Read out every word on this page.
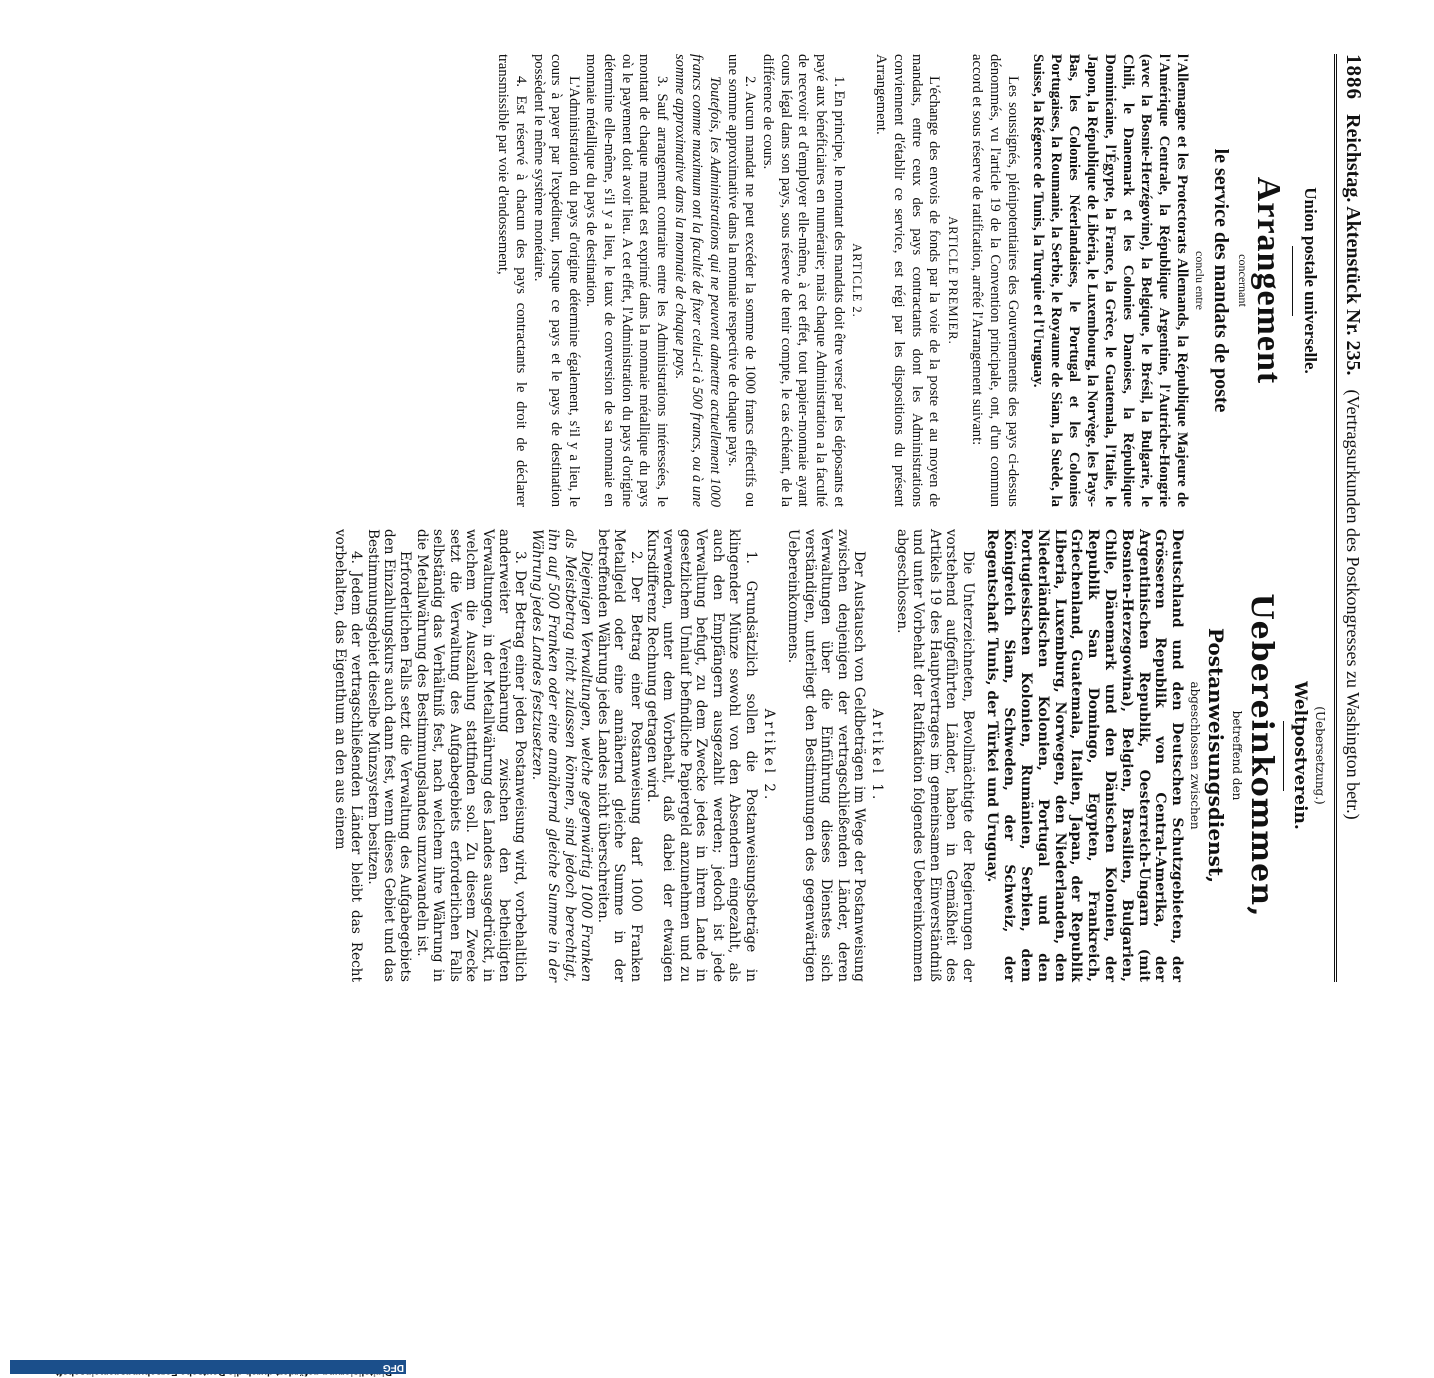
1886
Reichstag. Aktenstück Nr. 235.
(Vertragsurkunden des Postkongresses zu Washington betr.)
Union postale universelle.
Arrangement
concernant
le service des mandats de poste
conclu entre
l'Allemagne et les Protectorats Allemands, la République Majeure de l'Amérique Centrale, la République Argentine, l'Autriche-Hongrie (avec la Bosnie-Herzégovine), la Belgique, le Brésil, la Bulgarie, le Chili, le Danemark et les Colonies Danoises, la République Dominicaine, l'Égypte, la France, la Grèce, le Guatemala, l'Italie, le Japon, la République de Libéria, le Luxembourg, la Norvège, les Pays-Bas, les Colonies Néerlandaises, le Portugal et les Colonies Portugaises, la Roumanie, la Serbie, le Royaume de Siam, la Suède, la Suisse, la Régence de Tunis, la Turquie et l'Uruguay.
Les soussignés, plénipotentiaires des Gouvernements des pays ci-dessus dénommés, vu l'article 19 de la Convention principale, ont, d'un commun accord et sous réserve de ratification, arrêté l'Arrangement suivant:
ARTICLE PREMIER.

L'échange des envois de fonds par la voie de la poste et au moyen de mandats, entre ceux des pays contractants dont les Administrations conviennent d'établir ce service, est régi par les dispositions du présent Arrangement.

ARTICLE 2.

1. En principe, le montant des mandats doit être versé par les déposants et payé aux bénéficiaires en numéraire; mais chaque Administration a la faculté de recevoir et d'employer elle-même, à cet effet, tout papier-monnaie ayant cours légal dans son pays, sous réserve de tenir compte, le cas échéant, de la différence de cours.

2. Aucun mandat ne peut excéder la somme de 1000 francs effectifs ou une somme approximative dans la monnaie respective de chaque pays.

Toutefois, les Administrations qui ne peuvent admettre actuellement 1000 francs comme maximum ont la faculté de fixer celui-ci à 500 francs, ou à une somme approximative dans la monnaie de chaque pays.

3. Sauf arrangement contraire entre les Administrations intéressées, le montant de chaque mandat est exprimé dans la monnaie métallique du pays où le payement doit avoir lieu. A cet effet, l'Administration du pays d'origine détermine elle-même, s'il y a lieu, le taux de conversion de sa monnaie en monnaie métallique du pays de destination.

L'Administration du pays d'origine détermine également, s'il y a lieu, le cours à payer par l'expéditeur, lorsque ce pays et le pays de destination possèdent le même système monétaire.

4. Est réservé à chacun des pays contractants le droit de déclarer transmissible par voie d'endossement,

(Uebersetzung.)
Weltpostverein.
Uebereinkommen,
betreffend den
Postanweisungsdienst,
abgeschlossen zwischen
Deutschland und den Deutschen Schutzgebieten, der Grösseren Republik von Central-Amerika, der Argentinischen Republik, Oesterreich-Ungarn (mit Bosnien-Herzegowina), Belgien, Brasilien, Bulgarien, Chile, Dänemark und den Dänischen Kolonien, der Republik San Domingo, Egypten, Frankreich, Griechenland, Guatemala, Italien, Japan, der Republik Liberia, Luxemburg, Norwegen, den Niederlanden, den Niederländischen Kolonien, Portugal und den Portugiesischen Kolonien, Rumänien, Serbien, dem Königreich Siam, Schweden, der Schweiz, der Regentschaft Tunis, der Türkei und Uruguay.
Die Unterzeichneten, Bevollmächtigte der Regierungen der vorstehend aufgeführten Länder, haben in Gemäßheit des Artikels 19 des Hauptvertrages im gemeinsamen Einverständniß und unter Vorbehalt der Ratifikation folgendes Uebereinkommen abgeschlossen.
Artikel 1.

Der Austausch von Geldbeträgen im Wege der Postanweisung zwischen denjenigen der vertragschließenden Länder, deren Verwaltungen über die Einführung dieses Dienstes sich verständigen, unterliegt den Bestimmungen des gegenwärtigen Uebereinkommens.

Artikel 2.

1. Grundsätzlich sollen die Postanweisungsbeträge in klingender Münze sowohl von den Absendern eingezahlt, als auch den Empfängern ausgezahlt werden; jedoch ist jede Verwaltung befugt, zu dem Zwecke jedes in ihrem Lande in gesetzlichem Umlauf befindliche Papiergeld anzunehmen und zu verwenden, unter dem Vorbehalt, daß dabei der etwaigen Kursdifferenz Rechnung getragen wird.

2. Der Betrag einer Postanweisung darf 1000 Franken Metallgeld oder eine annähernd gleiche Summe in der betreffenden Währung jedes Landes nicht überschreiten.

Diejenigen Verwaltungen, welche gegenwärtig 1000 Franken als Meistbetrag nicht zulassen können, sind jedoch berechtigt, ihn auf 500 Franken oder eine annähernd gleiche Summe in der Währung jedes Landes festzusetzen.

3. Der Betrag einer jeden Postanweisung wird, vorbehaltlich anderweiter Vereinbarung zwischen den betheiligten Verwaltungen, in der Metallwährung des Landes ausgedrückt, in welchem die Auszahlung stattfinden soll. Zu diesem Zwecke setzt die Verwaltung des Aufgabegebiets erforderlichen Falls selbständig das Verhältniß fest, nach welchem ihre Währung in die Metallwährung des Bestimmungslandes umzuwandeln ist.

Erforderlichen Falls setzt die Verwaltung des Aufgabegebiets den Einzahlungskurs auch dann fest, wenn dieses Gebiet und das Bestimmungsgebiet dieselbe Münzsystem besitzen.

4. Jedem der vertragschließenden Länder bleibt das Recht vorbehalten, das Eigenthum an den aus einem

DFG
